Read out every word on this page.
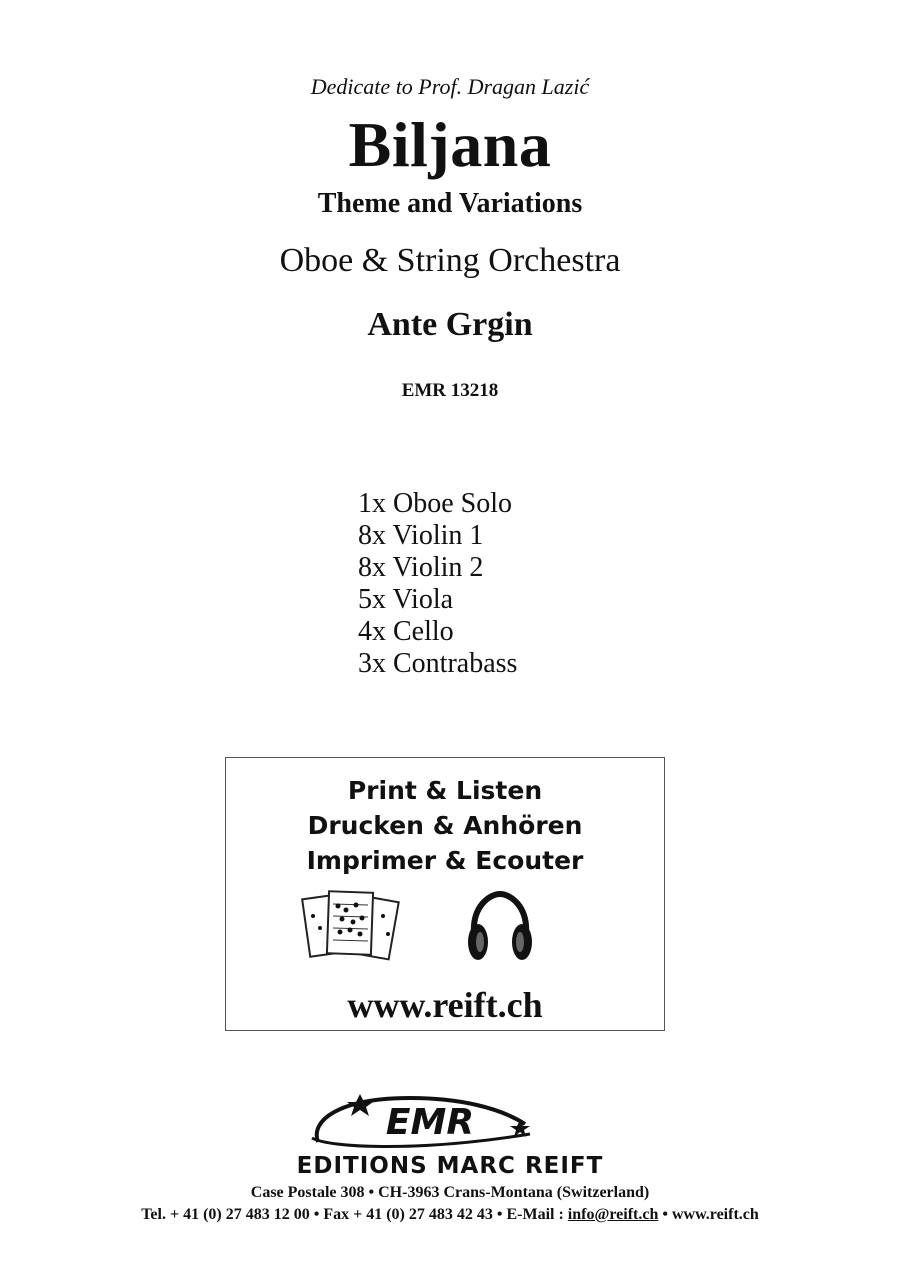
Dedicate to Prof. Dragan Lazić
Biljana
Theme and Variations
Oboe & String Orchestra
Ante Grgin
EMR 13218
1x Oboe Solo
8x Violin 1
8x Violin 2
5x Viola
4x Cello
3x Contrabass
Print & Listen
Drucken & Anhören
Imprimer & Ecouter
www.reift.ch
EMR
EDITIONS MARC REIFT
Case Postale 308 • CH-3963 Crans-Montana (Switzerland)
Tel. + 41 (0) 27 483 12 00 • Fax + 41 (0) 27 483 42 43 • E-Mail : info@reift.ch • www.reift.ch
